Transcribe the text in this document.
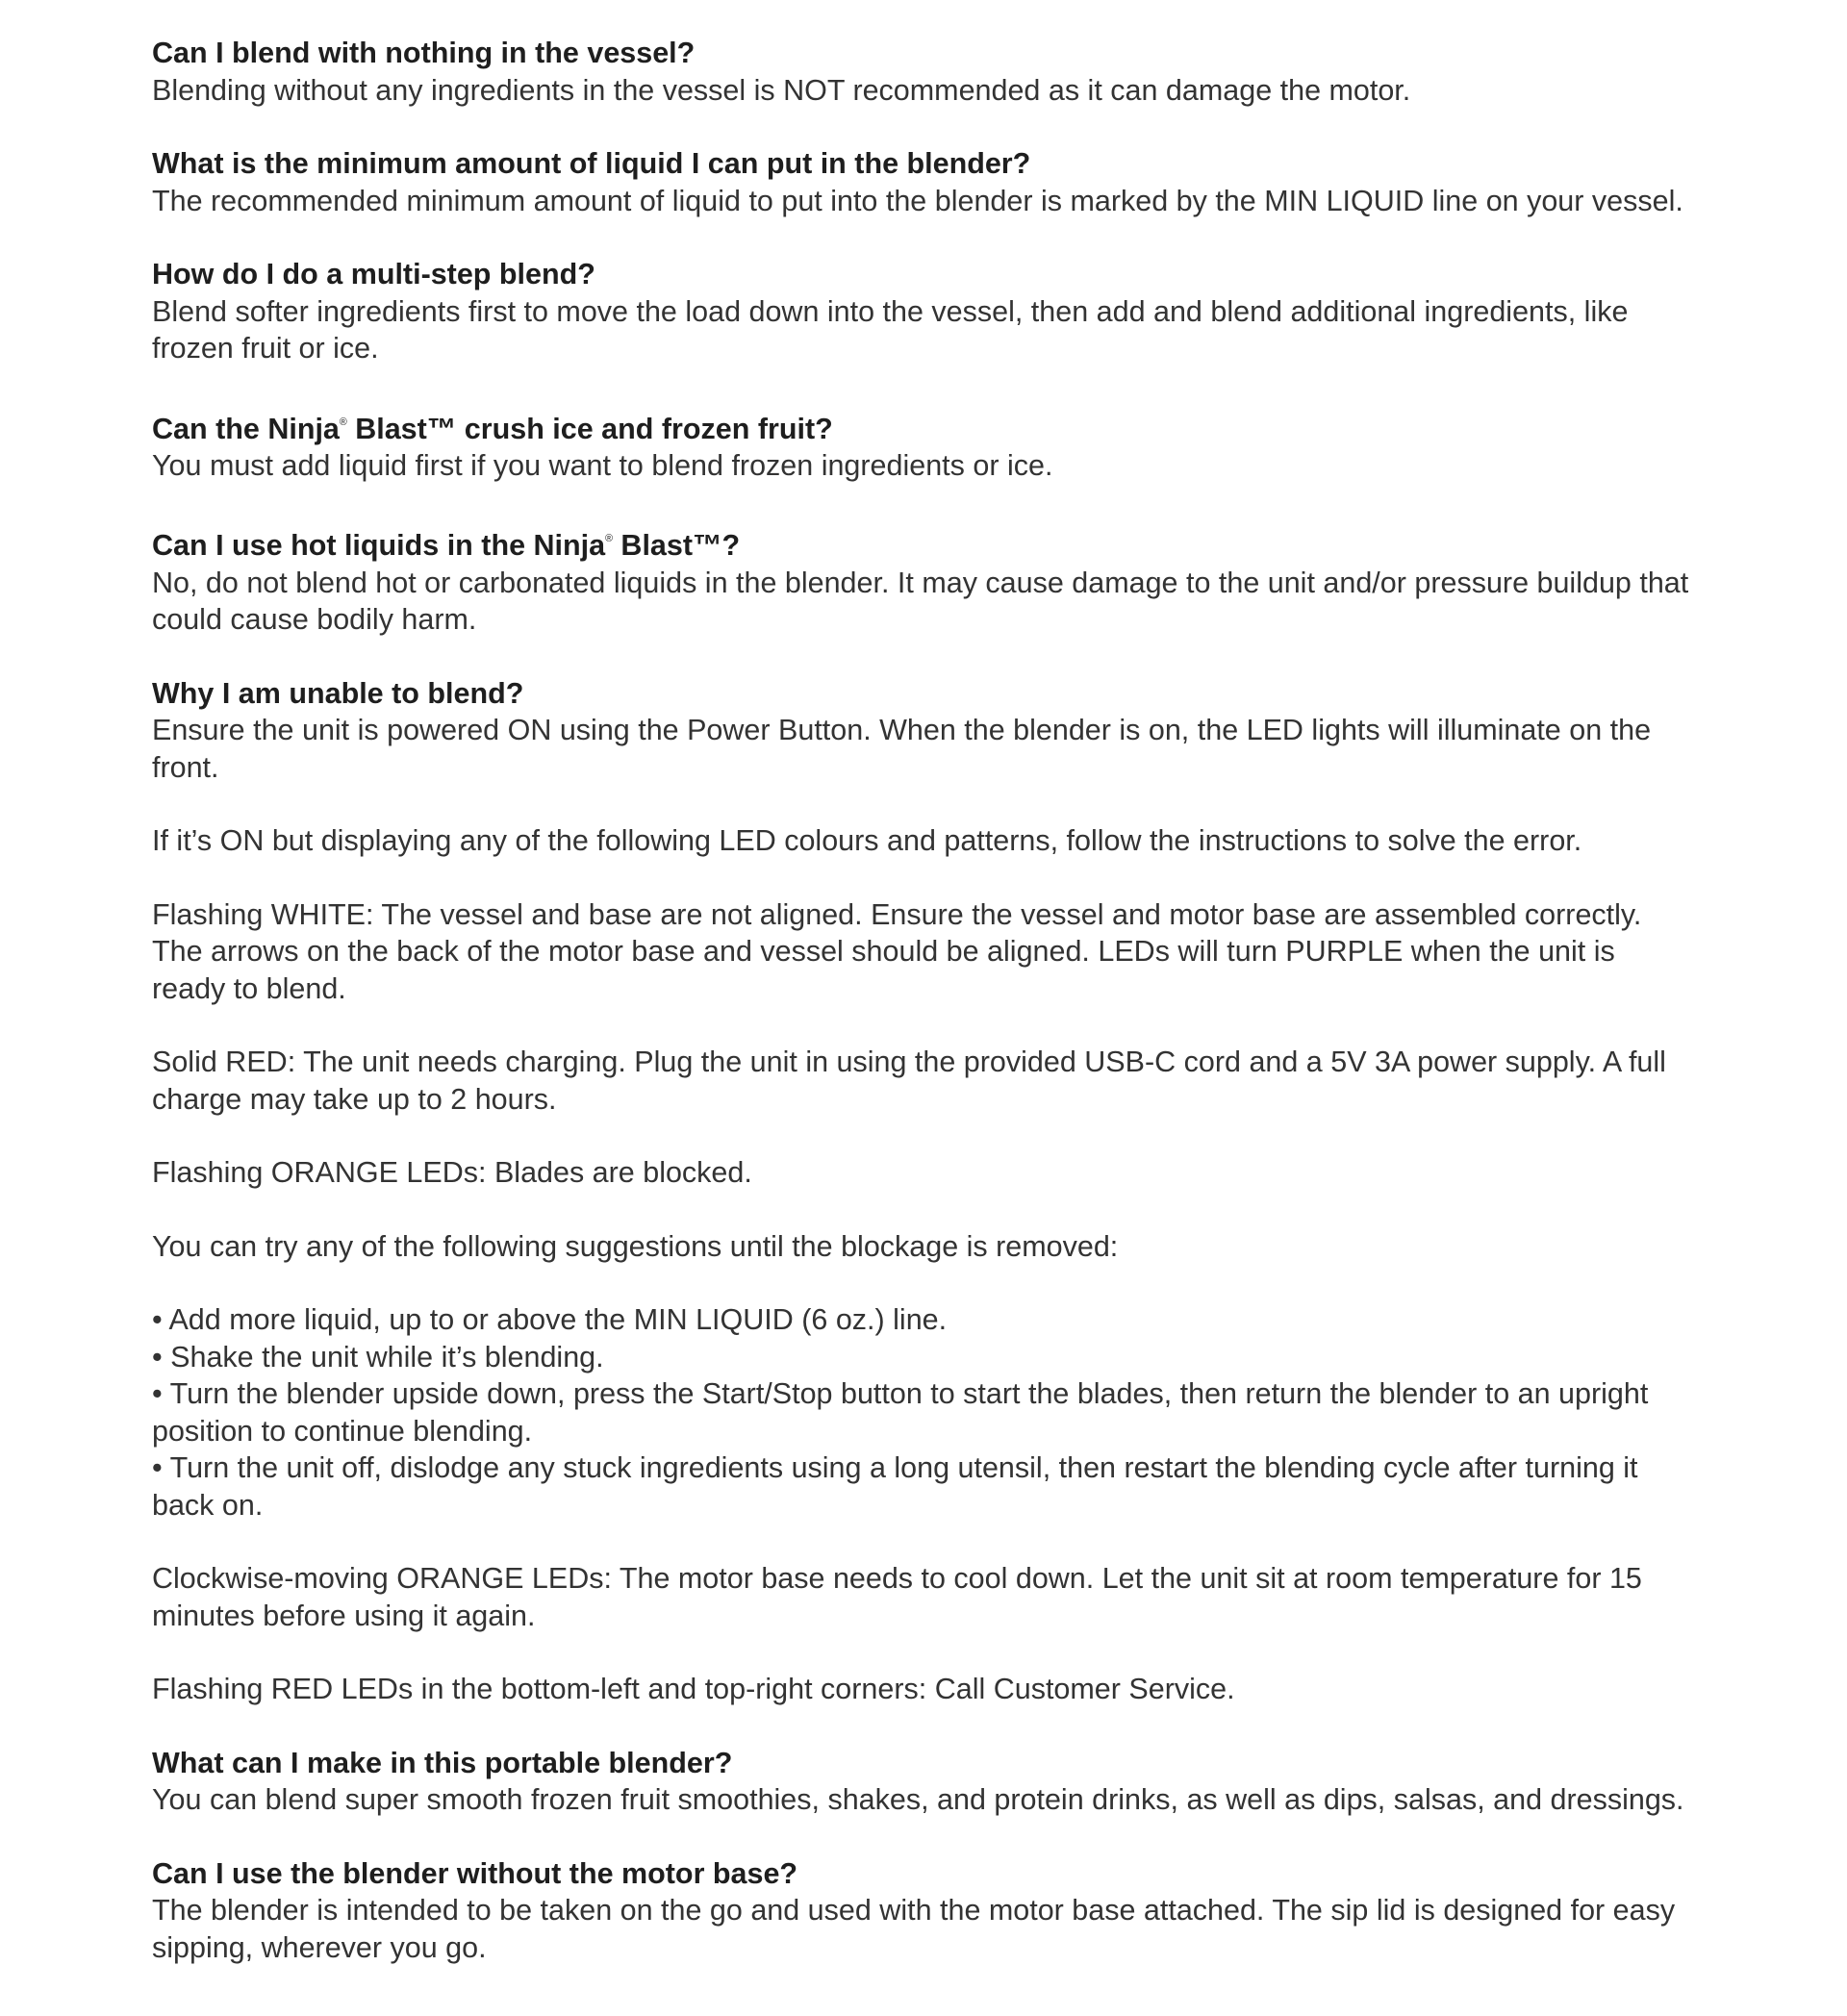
Can I blend with nothing in the vessel?

Blending without any ingredients in the vessel is NOT recommended as it can damage the motor.

What is the minimum amount of liquid I can put in the blender?

The recommended minimum amount of liquid to put into the blender is marked by the MIN LIQUID line on your vessel.

How do I do a multi-step blend?

Blend softer ingredients first to move the load down into the vessel, then add and blend additional ingredients, like frozen fruit or ice.

Can the Ninja® Blast™ crush ice and frozen fruit?

You must add liquid first if you want to blend frozen ingredients or ice.

Can I use hot liquids in the Ninja® Blast™?

No, do not blend hot or carbonated liquids in the blender. It may cause damage to the unit and/or pressure buildup that could cause bodily harm.

Why I am unable to blend?

Ensure the unit is powered ON using the Power Button. When the blender is on, the LED lights will illuminate on the front.

If it’s ON but displaying any of the following LED colours and patterns, follow the instructions to solve the error.

Flashing WHITE: The vessel and base are not aligned. Ensure the vessel and motor base are assembled correctly. The arrows on the back of the motor base and vessel should be aligned. LEDs will turn PURPLE when the unit is ready to blend.

Solid RED: The unit needs charging. Plug the unit in using the provided USB-C cord and a 5V 3A power supply. A full charge may take up to 2 hours.

Flashing ORANGE LEDs: Blades are blocked.

You can try any of the following suggestions until the blockage is removed:

• Add more liquid, up to or above the MIN LIQUID (6 oz.) line.

• Shake the unit while it’s blending.

• Turn the blender upside down, press the Start/Stop button to start the blades, then return the blender to an upright position to continue blending.

• Turn the unit off, dislodge any stuck ingredients using a long utensil, then restart the blending cycle after turning it back on.

Clockwise-moving ORANGE LEDs: The motor base needs to cool down. Let the unit sit at room temperature for 15 minutes before using it again.

Flashing RED LEDs in the bottom-left and top-right corners: Call Customer Service.

What can I make in this portable blender?

You can blend super smooth frozen fruit smoothies, shakes, and protein drinks, as well as dips, salsas, and dressings.

Can I use the blender without the motor base?

The blender is intended to be taken on the go and used with the motor base attached. The sip lid is designed for easy sipping, wherever you go.
